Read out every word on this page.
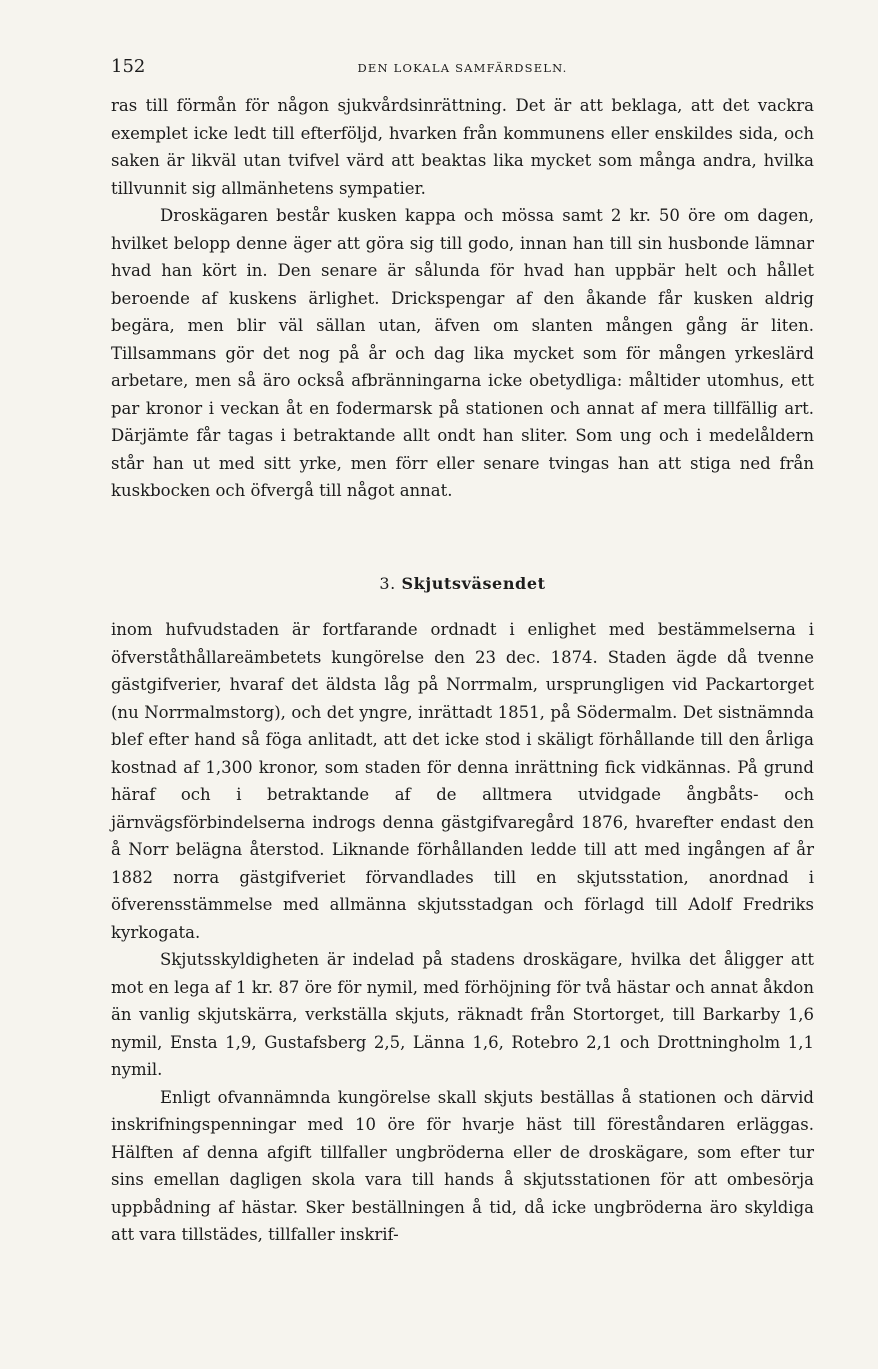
152	DEN LOKALA SAMFÄRDSELN.

ras till förmån för någon sjukvårdsinrättning. Det är att beklaga, att det vackra exemplet icke ledt till efterföljd, hvarken från kommunens eller enskildes sida, och saken är likväl utan tvifvel värd att beaktas lika mycket som många andra, hvilka tillvunnit sig allmänhetens sympatier.

Droskägaren består kusken kappa och mössa samt 2 kr. 50 öre om dagen, hvilket belopp denne äger att göra sig till godo, innan han till sin husbonde lämnar hvad han kört in. Den senare är sålunda för hvad han uppbär helt och hållet beroende af kuskens ärlighet. Drickspengar af den åkande får kusken aldrig begära, men blir väl sällan utan, äfven om slanten mången gång är liten. Tillsammans gör det nog på år och dag lika mycket som för mången yrkeslärd arbetare, men så äro också afbränningarna icke obetydliga: måltider utomhus, ett par kronor i veckan åt en fodermarsk på stationen och annat af mera tillfällig art. Därjämte får tagas i betraktande allt ondt han sliter. Som ung och i medelåldern står han ut med sitt yrke, men förr eller senare tvingas han att stiga ned från kuskbocken och öfvergå till något annat.

3. Skjutsväsendet

inom hufvudstaden är fortfarande ordnadt i enlighet med bestämmelserna i öfverståthållareämbetets kungörelse den 23 dec. 1874. Staden ägde då tvenne gästgifverier, hvaraf det äldsta låg på Norrmalm, ursprungligen vid Packartorget (nu Norrmalmstorg), och det yngre, inrättadt 1851, på Södermalm. Det sistnämnda blef efter hand så föga anlitadt, att det icke stod i skäligt förhållande till den årliga kostnad af 1,300 kronor, som staden för denna inrättning fick vidkännas. På grund häraf och i betraktande af de alltmera utvidgade ångbåts- och järnvägsförbindelserna indrogs denna gästgifvaregård 1876, hvarefter endast den å Norr belägna återstod. Liknande förhållanden ledde till att med ingången af år 1882 norra gästgifveriet förvandlades till en skjutsstation, anordnad i öfverensstämmelse med allmänna skjutsstadgan och förlagd till Adolf Fredriks kyrkogata.

Skjutsskyldigheten är indelad på stadens droskägare, hvilka det åligger att mot en lega af 1 kr. 87 öre för nymil, med förhöjning för två hästar och annat åkdon än vanlig skjutskärra, verkställa skjuts, räknadt från Stortorget, till Barkarby 1,6 nymil, Ensta 1,9, Gustafsberg 2,5, Länna 1,6, Rotebro 2,1 och Drottningholm 1,1 nymil.

Enligt ofvannämnda kungörelse skall skjuts beställas å stationen och därvid inskrifningspenningar med 10 öre för hvarje häst till föreståndaren erläggas. Hälften af denna afgift tillfaller ungbröderna eller de droskägare, som efter tur sins emellan dagligen skola vara till hands å skjutsstationen för att ombesörja uppbådning af hästar. Sker beställningen å tid, då icke ungbröderna äro skyldiga att vara tillstädes, tillfaller inskrif-
